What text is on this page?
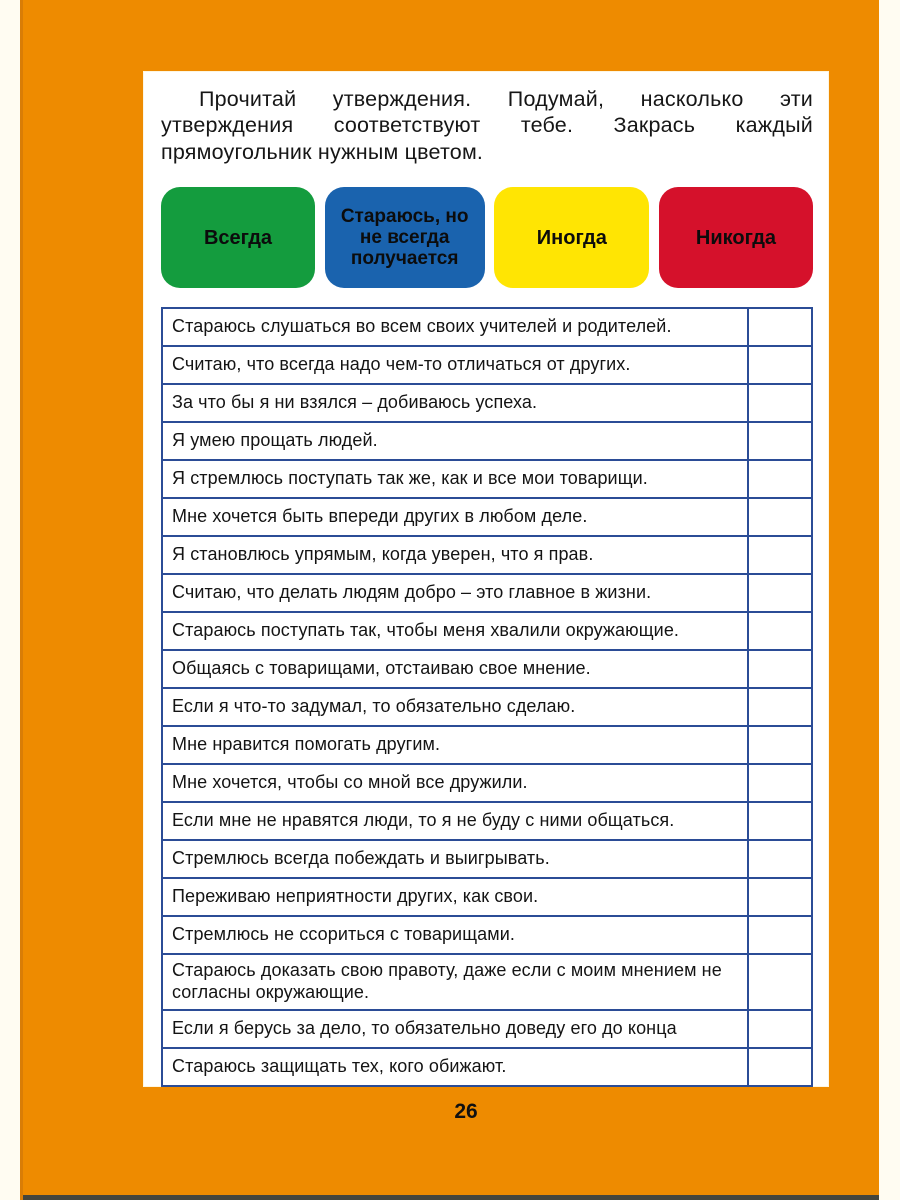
Прочитай утверждения. Подумай, насколько эти утверждения соответствуют тебе. Закрась каждый прямоугольник нужным цветом.

Всегда
Стараюсь, но не всегда получается
Иногда	Никогда
Стараюсь слушаться во всем своих учителей и родителей.	
Считаю, что всегда надо чем-то отличаться от других.	
За что бы я ни взялся – добиваюсь успеха.	
Я умею прощать людей.	
Я стремлюсь поступать так же, как и все мои товарищи.	
Мне хочется быть впереди других в любом деле.	
Я становлюсь упрямым, когда уверен, что я прав.	
Считаю, что делать людям добро – это главное в жизни.	
Стараюсь поступать так, чтобы меня хвалили окружающие.	
Общаясь с товарищами, отстаиваю свое мнение.	
Если я что-то задумал, то обязательно сделаю.	
Мне нравится помогать другим.	
Мне хочется, чтобы со мной все дружили.	
Если мне не нравятся люди, то я не буду с ними общаться.	
Стремлюсь всегда побеждать и выигрывать.	
Переживаю неприятности других, как свои.	
Стремлюсь не ссориться с товарищами.	
Стараюсь доказать свою правоту, даже если с моим мнением не согласны окружающие.	
Если я берусь за дело, то обязательно доведу его до конца	
Стараюсь защищать тех, кого обижают.	
26
